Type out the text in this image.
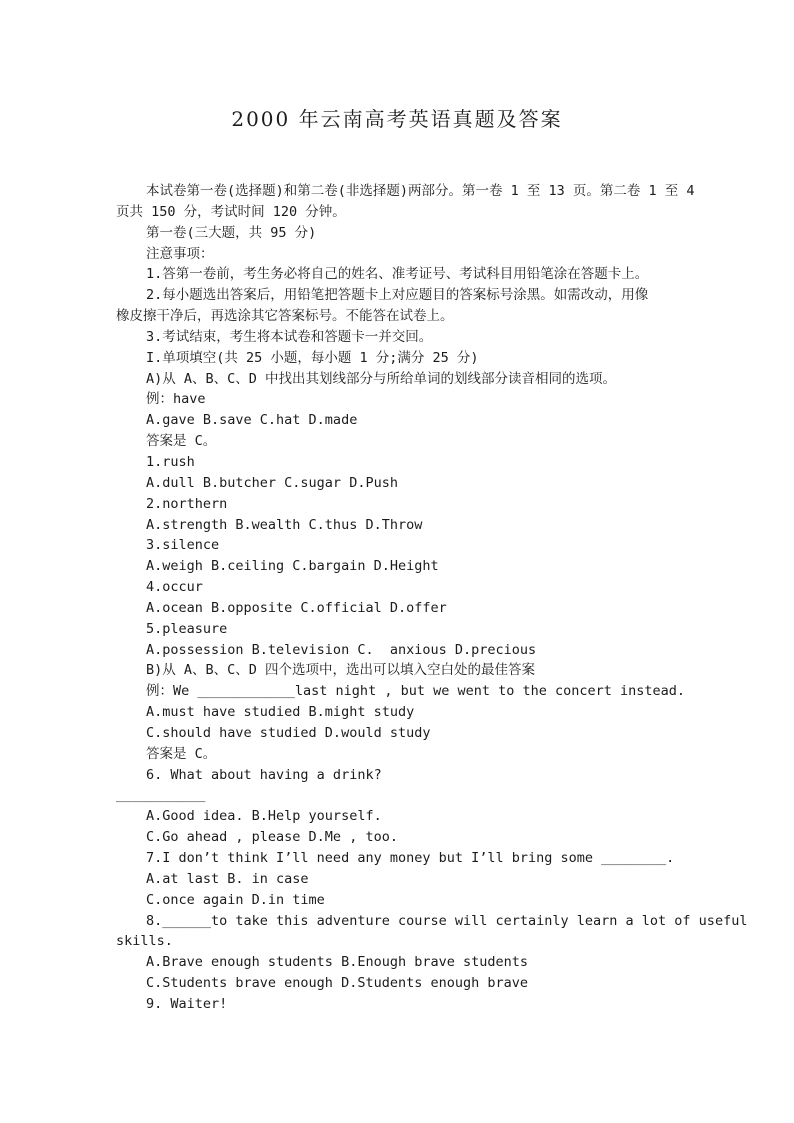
2000 年云南高考英语真题及答案
本试卷第一卷(选择题)和第二卷(非选择题)两部分。第一卷 1 至 13 页。第二卷 1 至 4
页共 150 分，考试时间 120 分钟。
第一卷(三大题，共 95 分)
注意事项：
1.答第一卷前，考生务必将自己的姓名、准考证号、考试科目用铅笔涂在答题卡上。
2.每小题选出答案后，用铅笔把答题卡上对应题目的答案标号涂黑。如需改动，用像
橡皮擦干净后，再选涂其它答案标号。不能答在试卷上。
3.考试结束，考生将本试卷和答题卡一并交回。
I.单项填空(共 25 小题，每小题 1 分;满分 25 分)
A)从 A、B、C、D 中找出其划线部分与所给单词的划线部分读音相同的选项。
例：have
A.gave B.save C.hat D.made
答案是 C。
1.rush
A.dull B.butcher C.sugar D.Push
2.northern
A.strength B.wealth C.thus D.Throw
3.silence
A.weigh B.ceiling C.bargain D.Height
4.occur
A.ocean B.opposite C.official D.offer
5.pleasure
A.possession B.television C.  anxious D.precious
B)从 A、B、C、D 四个选项中，选出可以填入空白处的最佳答案
例：We ____________last night , but we went to the concert instead.
A.must have studied B.might study
C.should have studied D.would study
答案是 C。
6. What about having a drink?
___________
A.Good idea. B.Help yourself.
C.Go ahead , please D.Me , too.
7.I don’t think I’ll need any money but I’ll bring some ________.
A.at last B. in case
C.once again D.in time
8.______to take this adventure course will certainly learn a lot of useful
skills.
A.Brave enough students B.Enough brave students
C.Students brave enough D.Students enough brave
9. Waiter!
